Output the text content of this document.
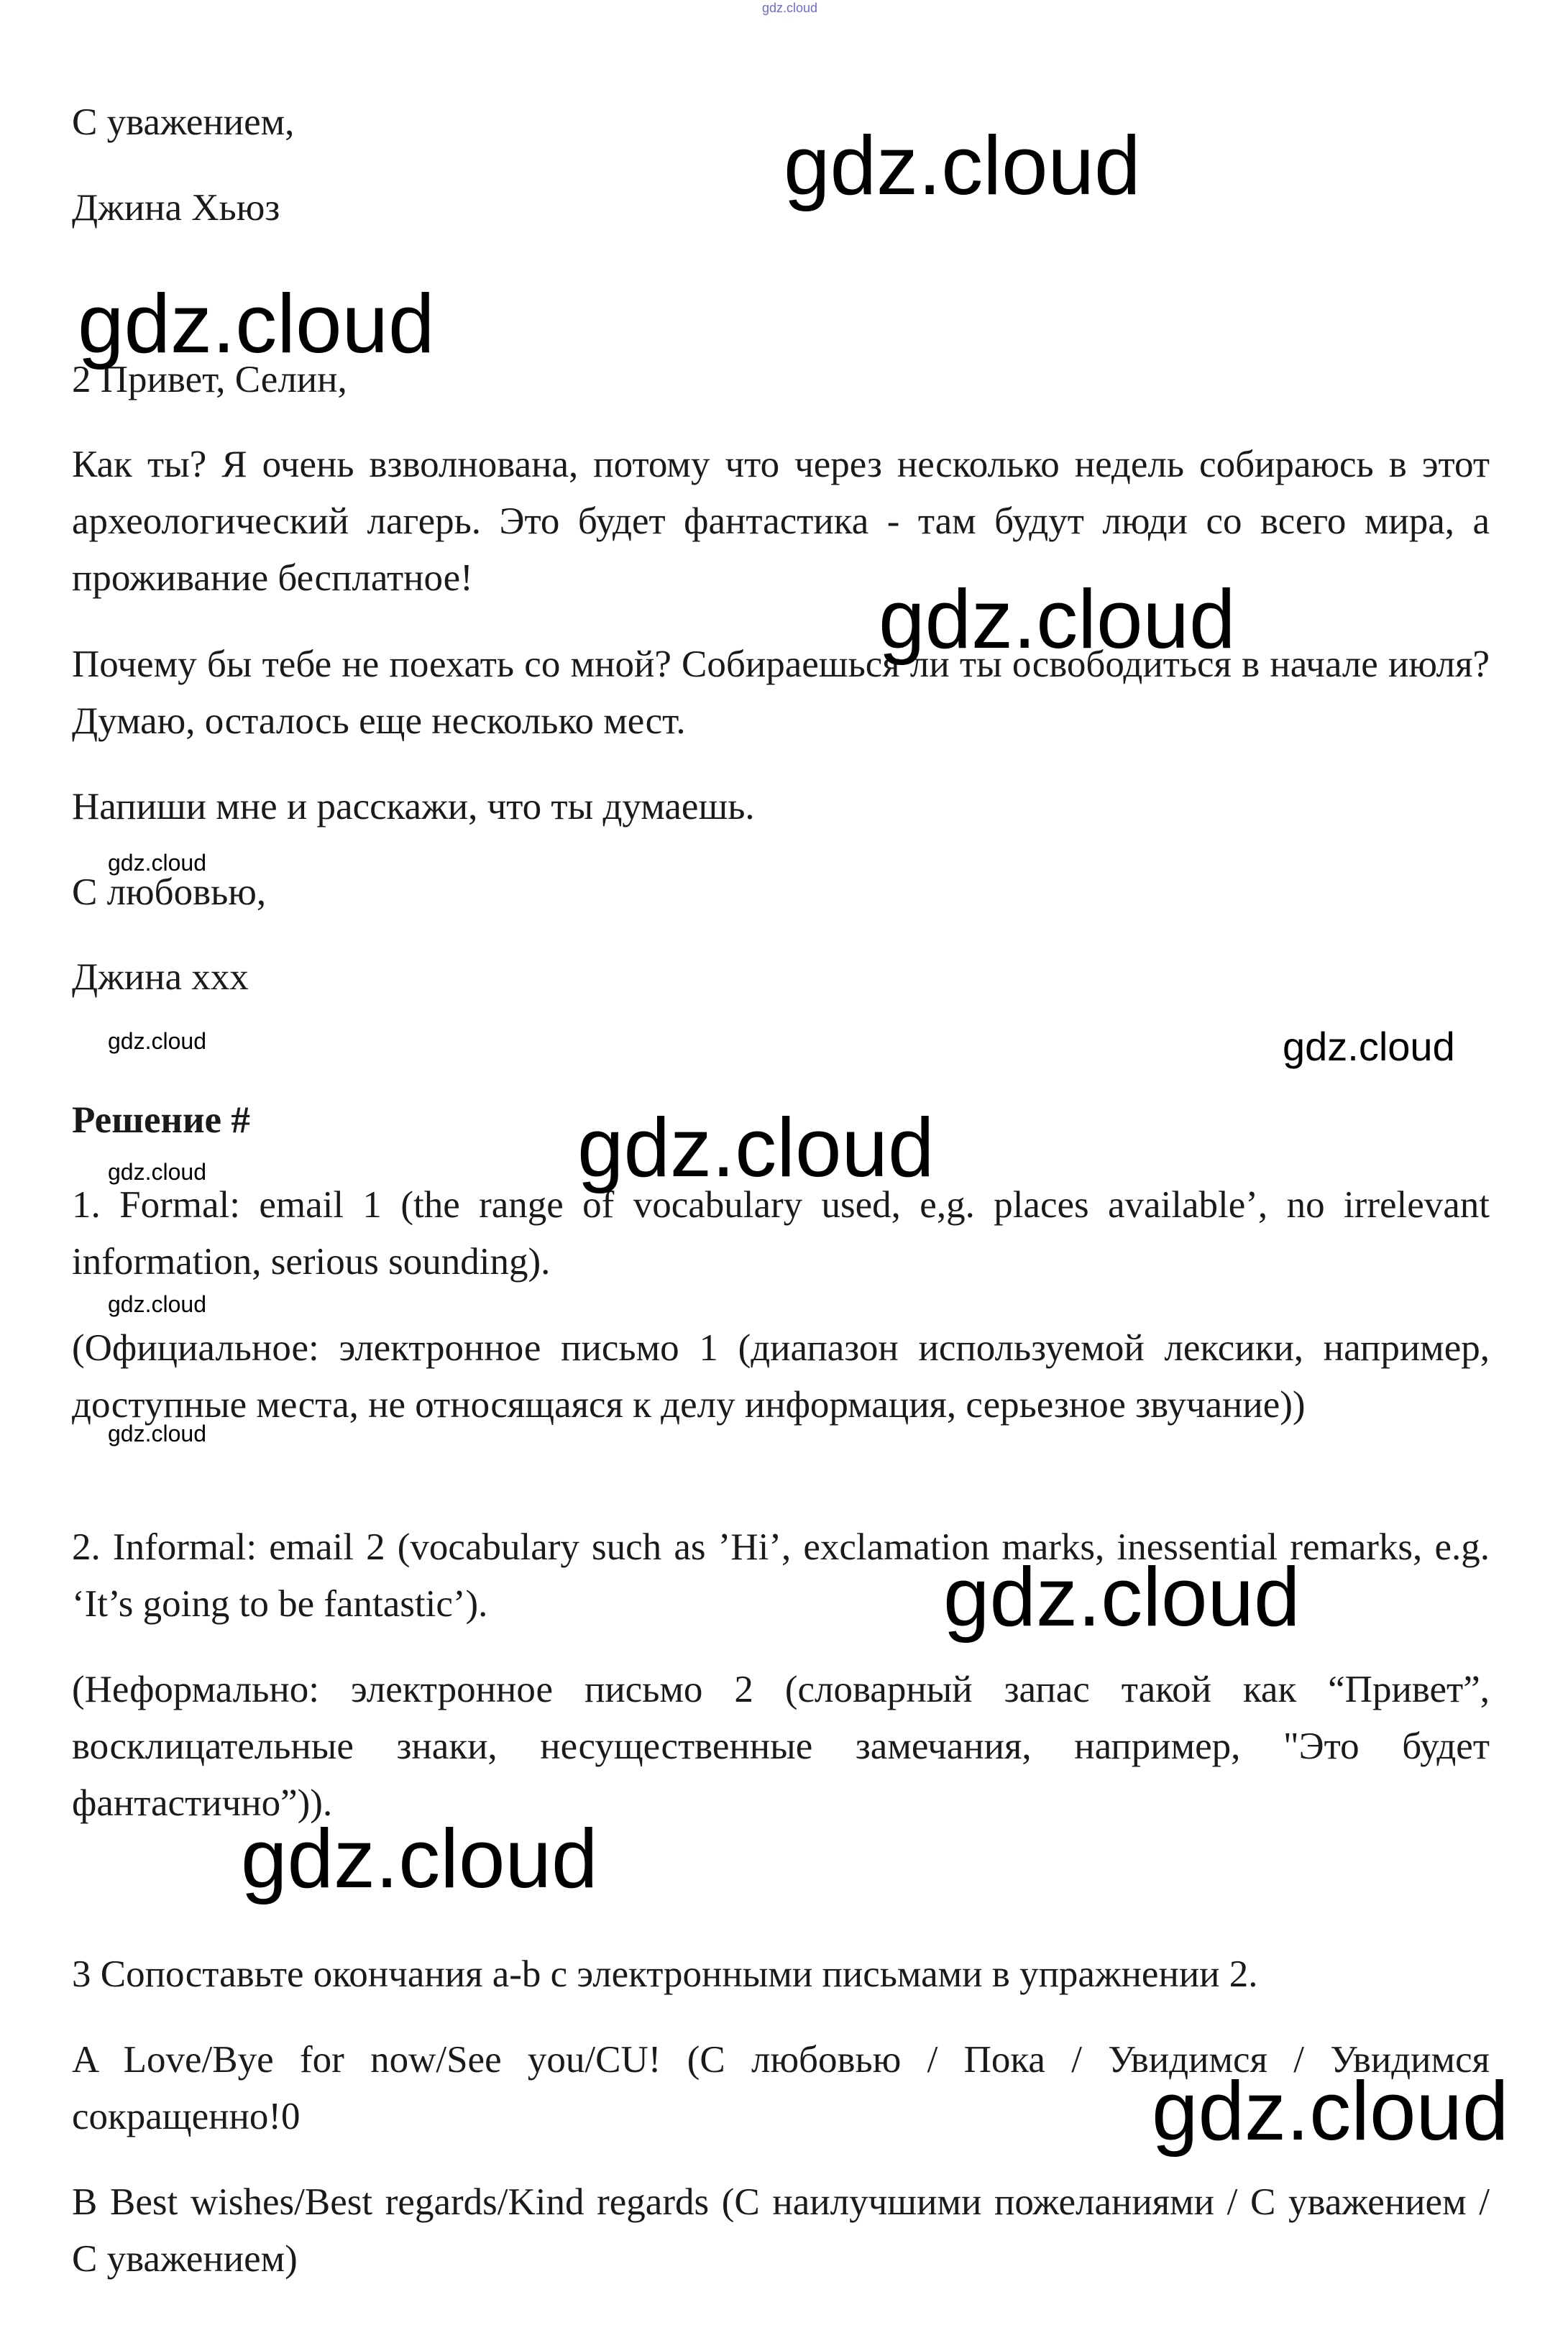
gdz.cloud

С уважением,

Джина Хьюз

2 Привет, Селин,

Как ты? Я очень взволнована, потому что через несколько недель собираюсь в этот археологический лагерь. Это будет фантастика - там будут люди со всего мира, а проживание бесплатное!

Почему бы тебе не поехать со мной? Собираешься ли ты освободиться в начале июля? Думаю, осталось еще несколько мест.

Напиши мне и расскажи, что ты думаешь.

С любовью,

Джина ххх

Решение #

1. Formal: email 1 (the range of vocabulary used, e,g. places available’, no irrelevant information, serious sounding).

(Официальное: электронное письмо 1 (диапазон используемой лексики, например, доступные места, не относящаяся к делу информация, серьезное звучание))

2. Informal: email 2 (vocabulary such as ’Hi’, exclamation marks, inessential remarks, e.g. ‘It’s going to be fantastic’).

(Неформально: электронное письмо 2 (словарный запас такой как “Привет”, восклицательные знаки, несущественные замечания, например, "Это будет фантастично”)).

3 Сопоставьте окончания a-b с электронными письмами в упражнении 2.

A Love/Bye for now/See you/CU! (С любовью / Пока / Увидимся / Увидимся сокращенно!0

B Best wishes/Best regards/Kind regards (С наилучшими пожеланиями / С уважением / С уважением)

gdz.cloud
gdz.cloud
gdz.cloud
gdz.cloud
gdz.cloud	gdz.cloud
gdz.cloud
gdz.cloud
gdz.cloud
gdz.cloud
gdz.cloud
gdz.cloud
gdz.cloud
